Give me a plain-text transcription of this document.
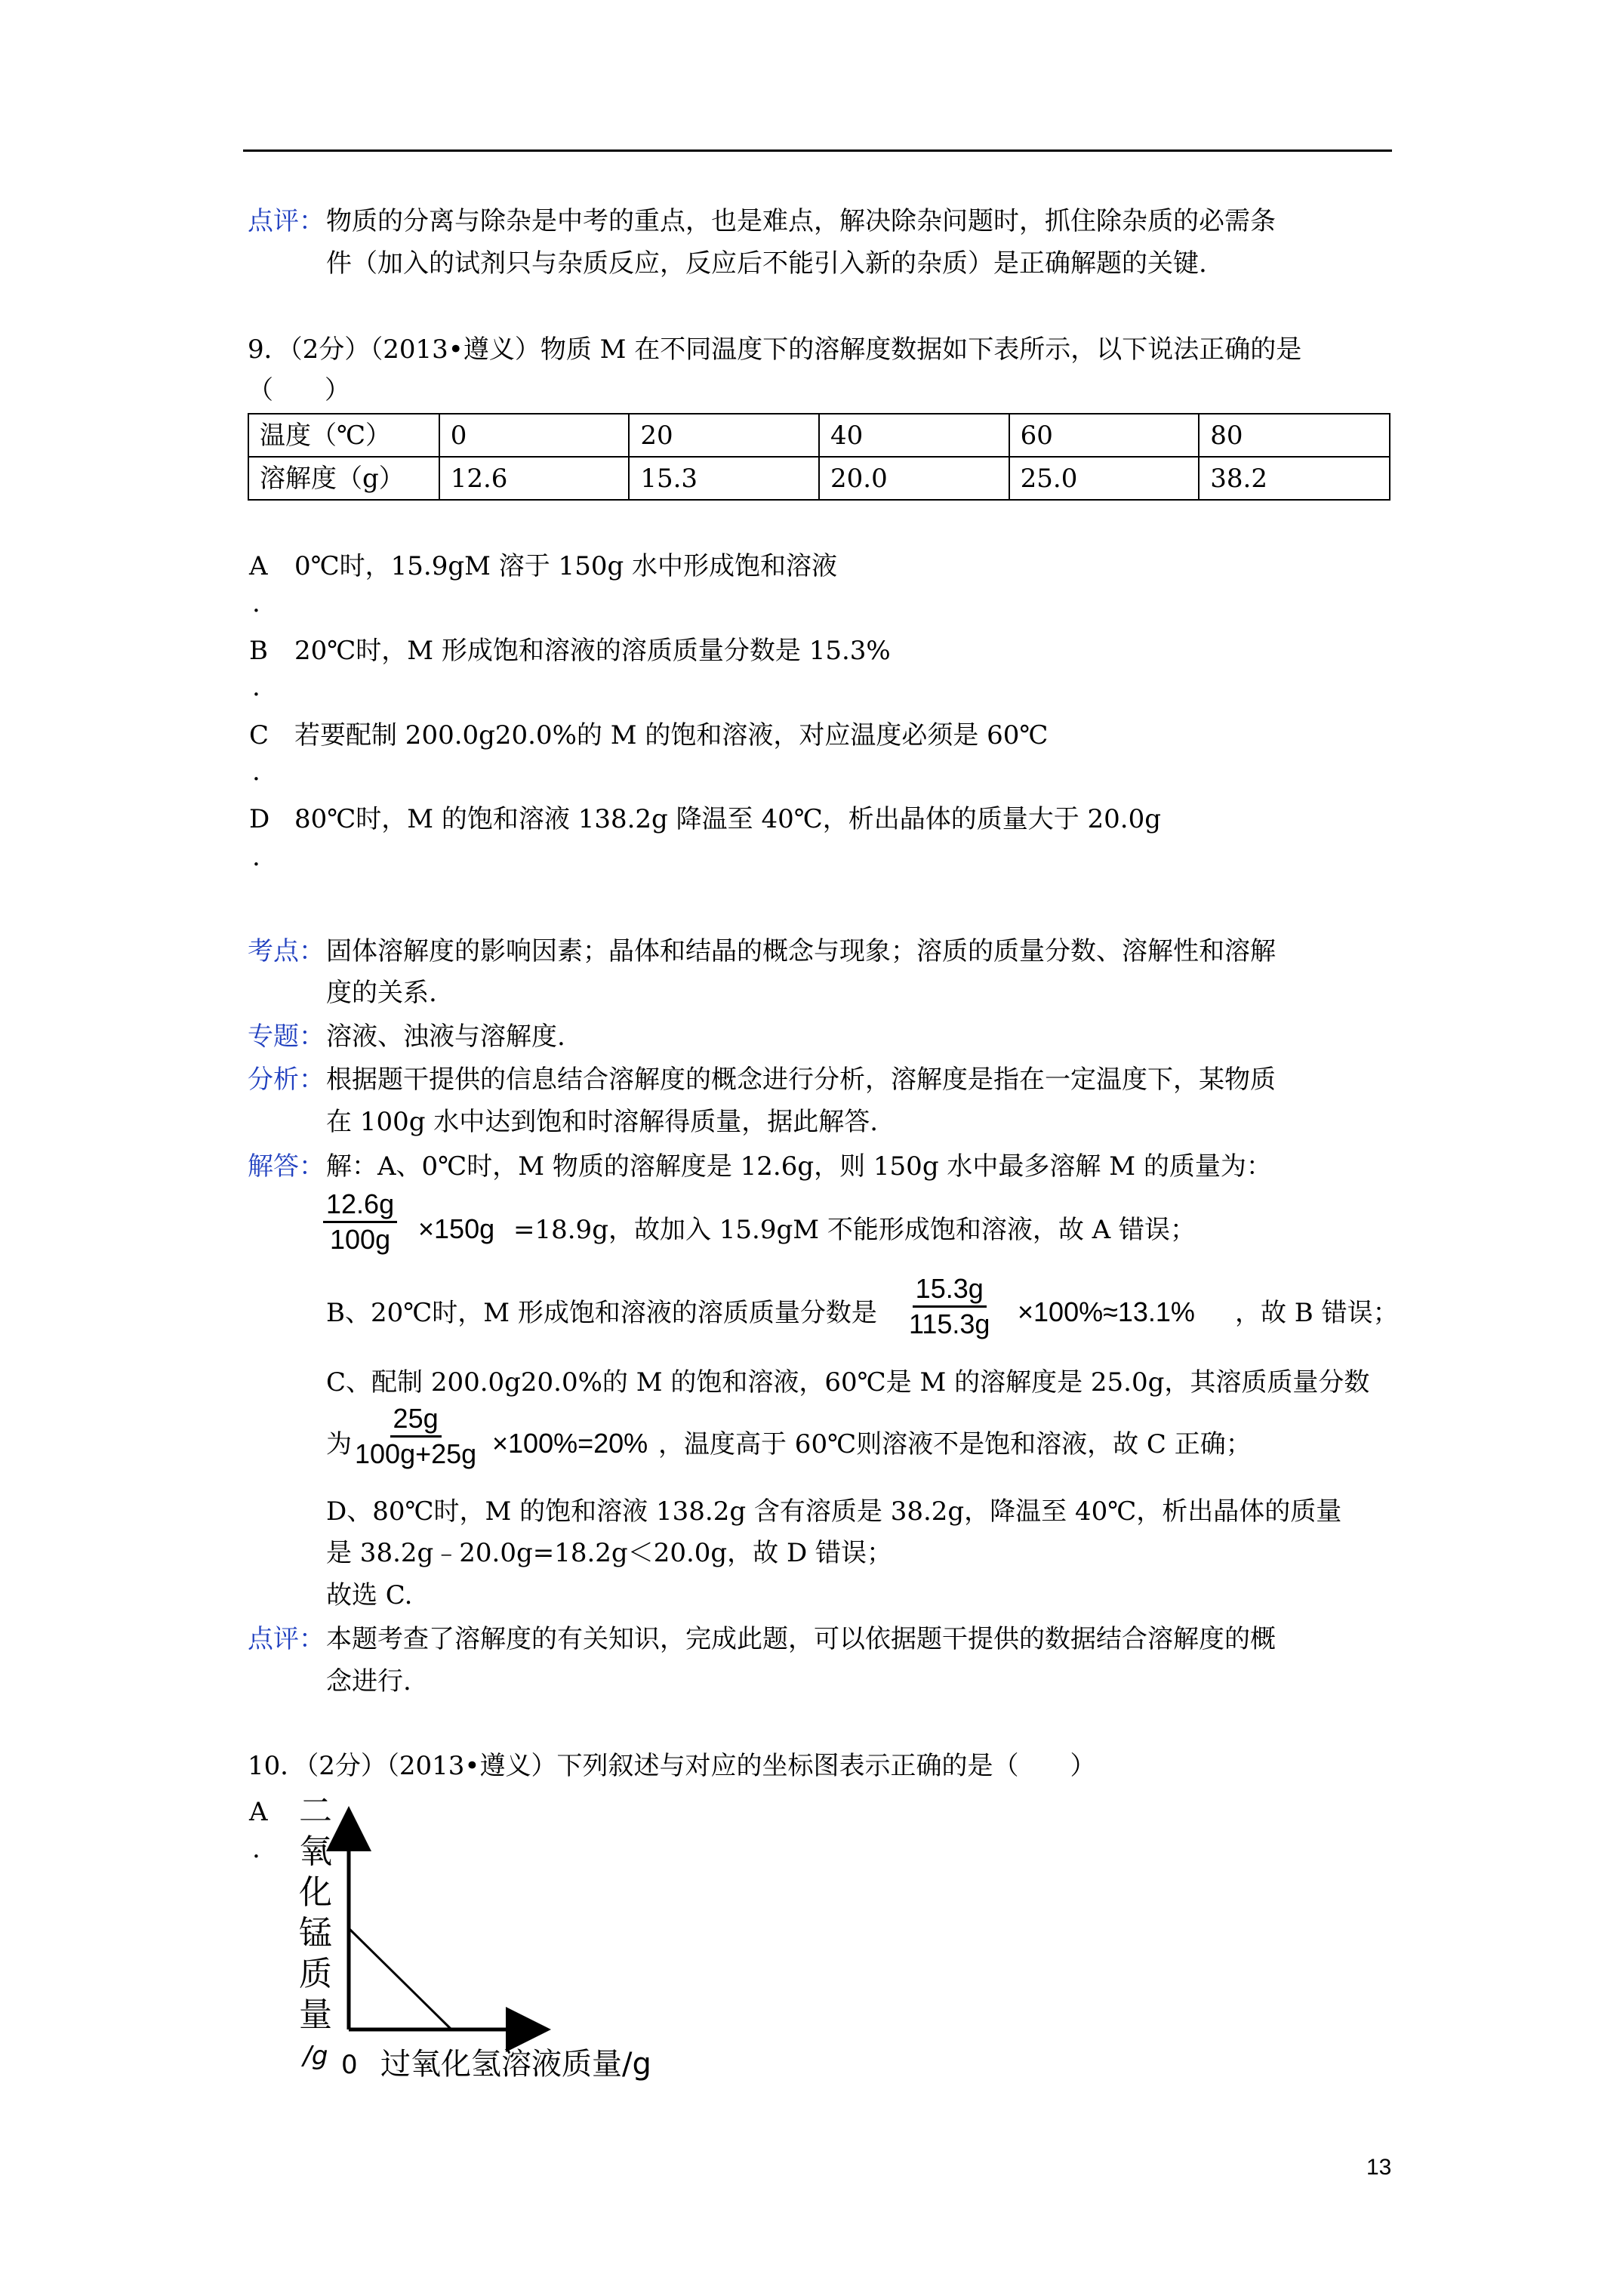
点评： 物质的分离与除杂是中考的重点，也是难点，解决除杂问题时，抓住除杂质的必需条
件（加入的试剂只与杂质反应，反应后不能引入新的杂质）是正确解题的关键.
9．（2分）（2013•遵义）物质 M 在不同温度下的溶解度数据如下表所示，以下说法正确的是
（　　）
温度（℃）	0	20	40	60	80
溶解度（g）	12.6	15.3	20.0	25.0	38.2
A 0℃时，15.9gM 溶于 150g 水中形成饱和溶液
.
B 20℃时，M 形成饱和溶液的溶质质量分数是 15.3%
.
C 若要配制 200.0g20.0%的 M 的饱和溶液，对应温度必须是 60℃
.
D 80℃时，M 的饱和溶液 138.2g 降温至 40℃，析出晶体的质量大于 20.0g
.
考点： 固体溶解度的影响因素；晶体和结晶的概念与现象；溶质的质量分数、溶解性和溶解
度的关系.
专题： 溶液、浊液与溶解度.
分析： 根据题干提供的信息结合溶解度的概念进行分析，溶解度是指在一定温度下，某物质
在 100g 水中达到饱和时溶解得质量，据此解答.
解答： 解：A、0℃时，M 物质的溶解度是 12.6g，则 150g 水中最多溶解 M 的质量为：
$\frac{12.6g}{100g} \times 150g =18.9g$，故加入 15.9gM 不能形成饱和溶液，故 A 错误；
B、20℃时，M 形成饱和溶液的溶质质量分数是 $\frac{15.3g}{115.3g} \times 100\%\approx 13.1\%$ ，故 B 错误；
C、配制 200.0g20.0%的 M 的饱和溶液，60℃是 M 的溶解度是 25.0g，其溶质质量分数
为 $\frac{25g}{100g+25g} \times 100\%=20\%$ ，温度高于 60℃则溶液不是饱和溶液，故 C 正确；
D、80℃时，M 的饱和溶液 138.2g 含有溶质是 38.2g，降温至 40℃，析出晶体的质量
是 38.2g﹣20.0g=18.2g＜20.0g，故 D 错误；
故选 C.
点评： 本题考查了溶解度的有关知识，完成此题，可以依据题干提供的数据结合溶解度的概
念进行.
10．（2分）（2013•遵义）下列叙述与对应的坐标图表示正确的是（　　）
A
.
二
氧
化
锰
质
量
/g 0 过氧化氢溶液质量/g
13
